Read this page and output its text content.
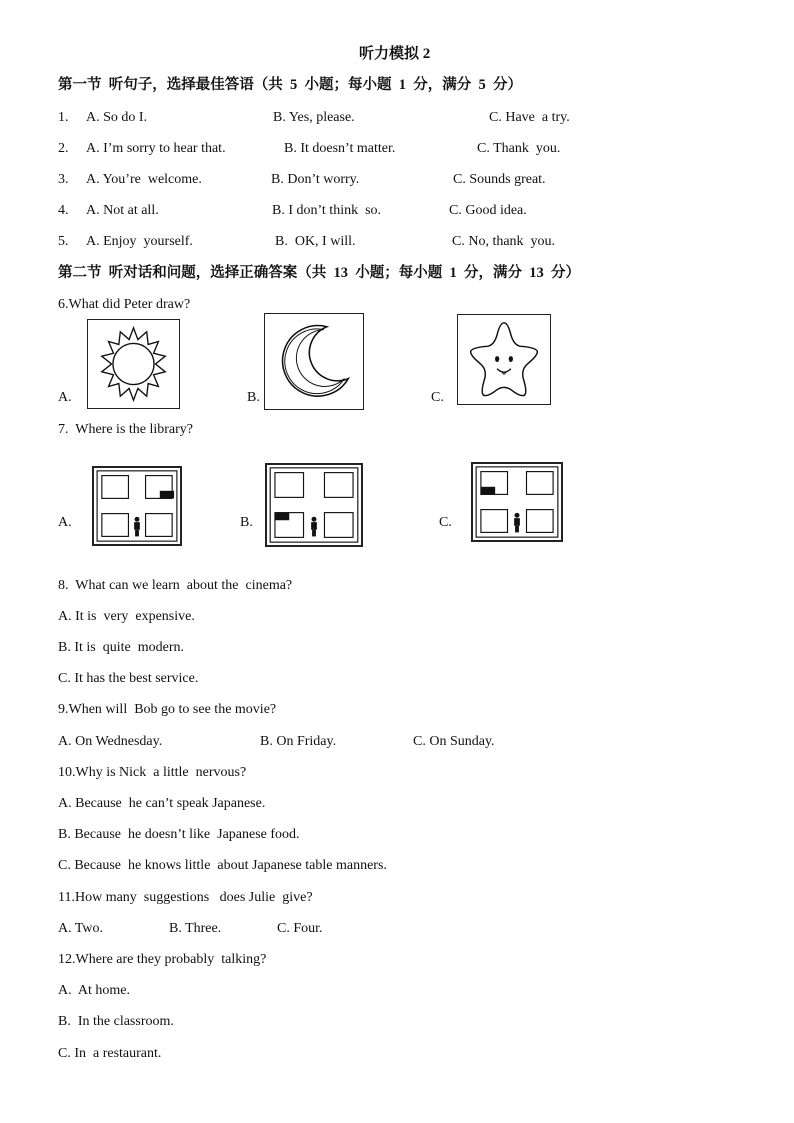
听力模拟 2
第一节  听句子，选择最佳答语（共  5  小题；每小题  1  分，满分  5  分）
1. A. So do I.	B. Yes, please.	C. Have  a try.
2. A. I’m sorry to hear that.	B. It doesn’t matter.	C. Thank  you.
3. A. You’re  welcome.	B. Don’t worry.	C. Sounds great.
4. A. Not at all.	B. I don’t think  so.	C. Good idea.
5. A. Enjoy  yourself.	B.  OK, I will.	C. No, thank  you.
第二节  听对话和问题，选择正确答案（共  13  小题；每小题  1  分，满分  13  分）
6.What did Peter draw?
A.	B.	C.
7.  Where is the library?
A.	B.	C.
8.  What can we learn  about the  cinema?
A. It is  very  expensive.
B. It is  quite  modern.
C. It has the best service.
9.When will  Bob go to see the movie?
A. On Wednesday.	B. On Friday.	C. On Sunday.
10.Why is Nick  a little  nervous?
A. Because  he can’t speak Japanese.
B. Because  he doesn’t like  Japanese food.
C. Because  he knows little  about Japanese table manners.
11.How many  suggestions   does Julie  give?
A. Two.	B. Three.	C. Four.
12.Where are they probably  talking?
A.  At home.
B.  In the classroom.
C. In  a restaurant.
